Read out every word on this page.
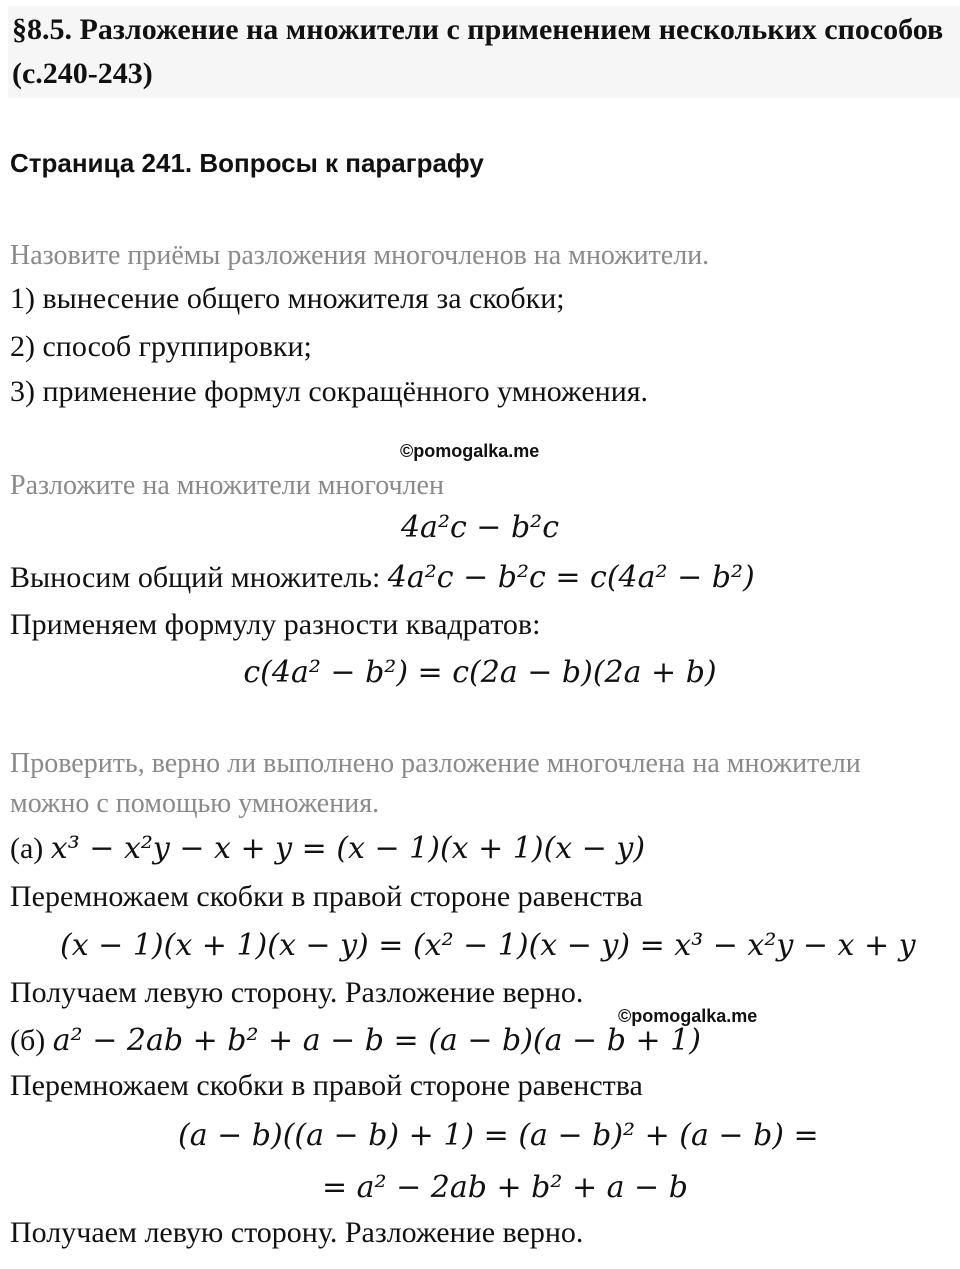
§8.5. Разложение на множители с применением нескольких способов (с.240-243)
Страница 241. Вопросы к параграфу
Назовите приёмы разложения многочленов на множители.
1) вынесение общего множителя за скобки;
2) способ группировки;
3) применение формул сокращённого умножения.
©pomogalka.me
Разложите на множители многочлен
4a²c − b²c
Выносим общий множитель: 4a²c − b²c = c(4a² − b²)
Применяем формулу разности квадратов:
c(4a² − b²) = c(2a − b)(2a + b)
Проверить, верно ли выполнено разложение многочлена на множители
можно с помощью умножения.
(а) x³ − x²y − x + y = (x − 1)(x + 1)(x − y)
Перемножаем скобки в правой стороне равенства
(x − 1)(x + 1)(x − y) = (x² − 1)(x − y) = x³ − x²y − x + y
Получаем левую сторону. Разложение верно.
©pomogalka.me
(б) a² − 2ab + b² + a − b = (a − b)(a − b + 1)
Перемножаем скобки в правой стороне равенства
(a − b)((a − b) + 1) = (a − b)² + (a − b) =
= a² − 2ab + b² + a − b
Получаем левую сторону. Разложение верно.
